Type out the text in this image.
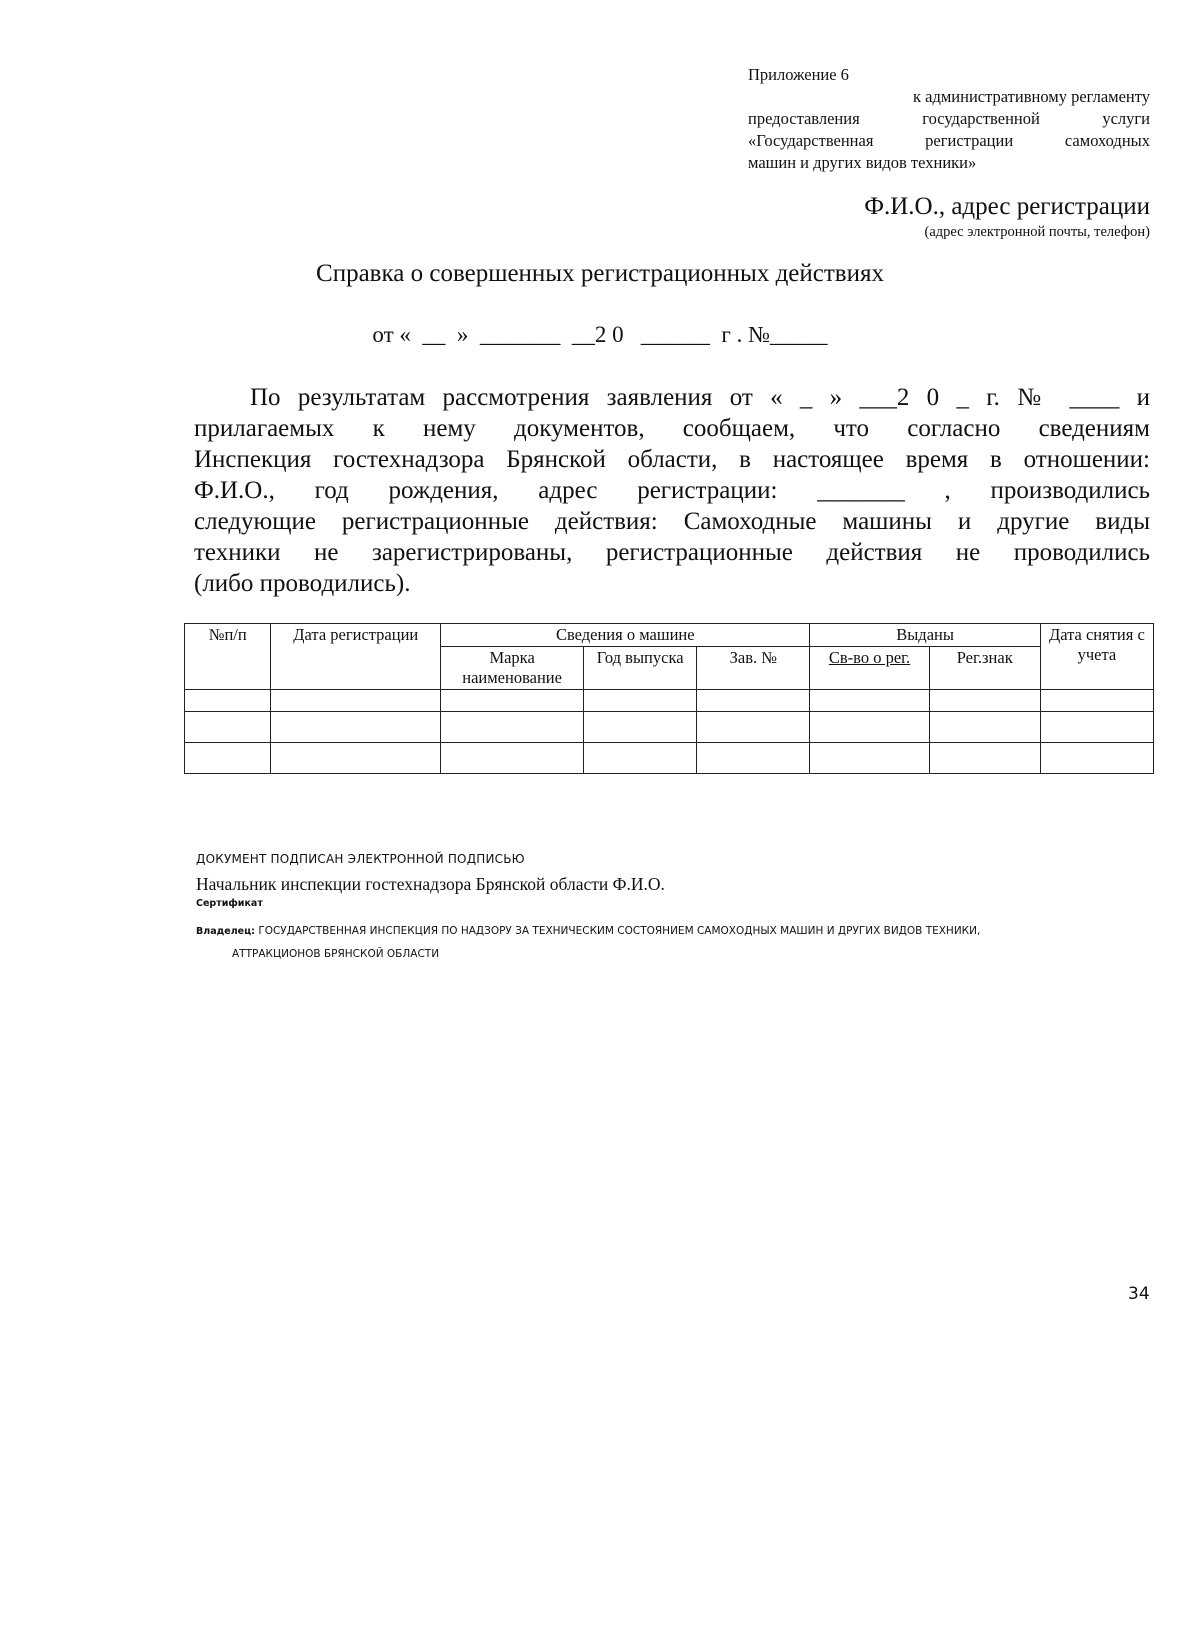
Приложение 6
к административному регламенту
предоставления государственной услуги
«Государственная регистрации самоходных
машин и других видов техники»
Ф.И.О., адрес регистрации
(адрес электронной почты, телефон)
Справка о совершенных регистрационных действиях
от «  __  »  _______  __2 0   ______  г . №_____
По результатам рассмотрения заявления от « _ » ___2 0 _ г. № ____ и
прилагаемых к нему документов, сообщаем, что согласно сведениям
Инспекция гостехнадзора Брянской области, в настоящее время в отношении:
Ф.И.О., год рождения, адрес регистрации: _______ , производились
следующие регистрационные действия: Самоходные машины и другие виды
техники не зарегистрированы, регистрационные действия не проводились
(либо проводились).
№п/п	Дата регистрации	Сведения о машине			Выданы		Дата снятия с учета
		Марка наименование	Год выпуска	Зав. №	Св-во о рег.	Рег.знак	

ДОКУМЕНТ ПОДПИСАН ЭЛЕКТРОННОЙ ПОДПИСЬЮ
Начальник инспекции гостехнадзора Брянской области Ф.И.О.
Сертификат
Владелец: ГОСУДАРСТВЕННАЯ ИНСПЕКЦИЯ ПО НАДЗОРУ ЗА ТЕХНИЧЕСКИМ СОСТОЯНИЕМ САМОХОДНЫХ МАШИН И ДРУГИХ ВИДОВ ТЕХНИКИ,
АТТРАКЦИОНОВ БРЯНСКОЙ ОБЛАСТИ
34
